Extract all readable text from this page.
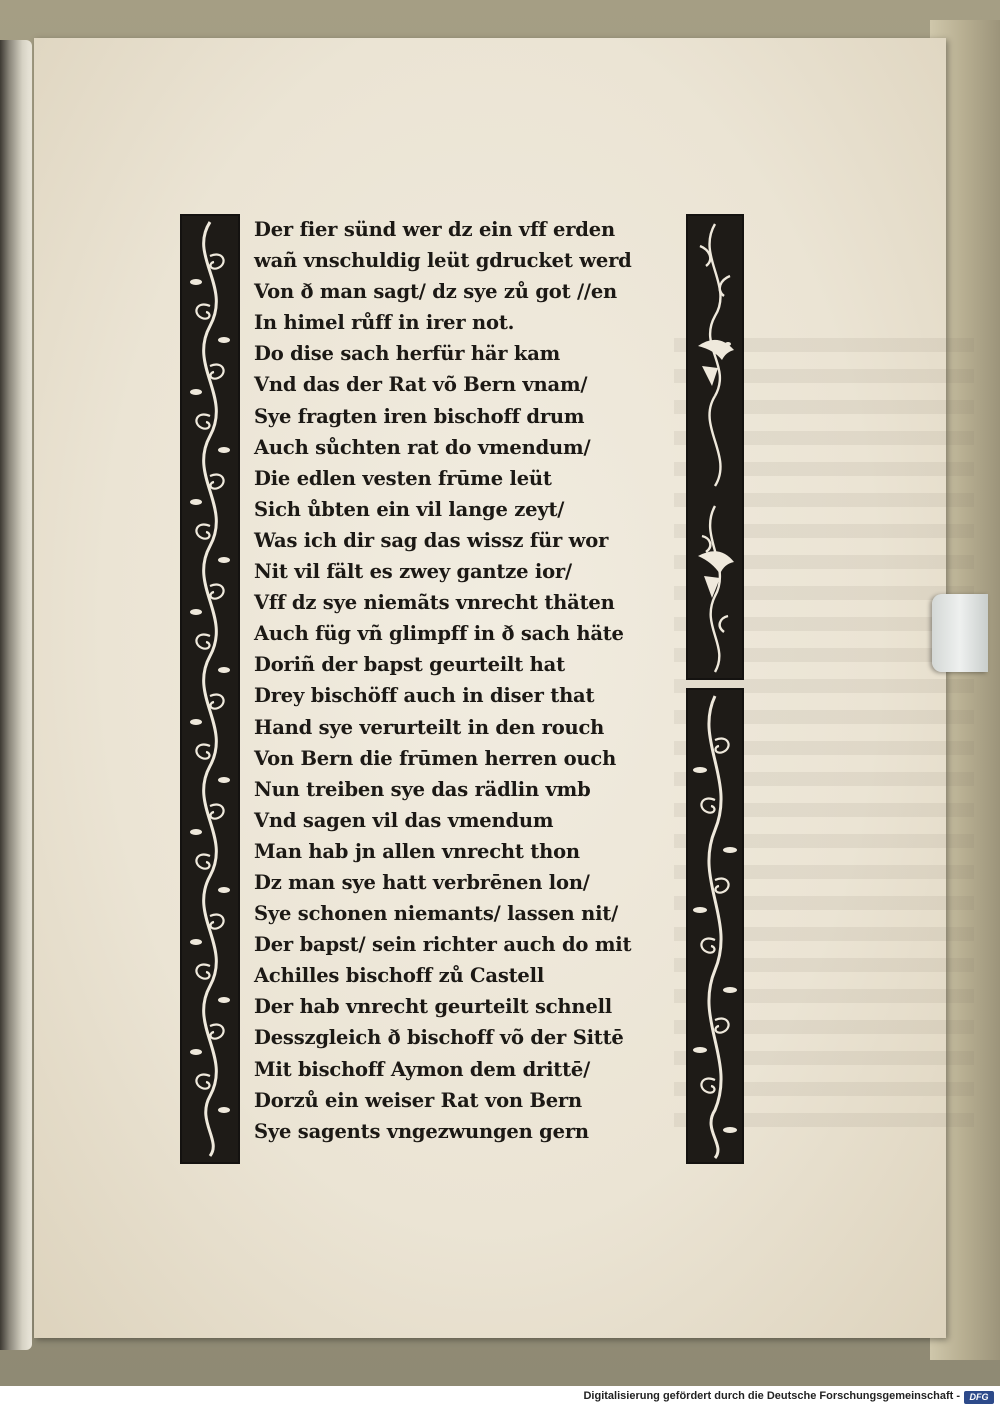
Der fier sünd wer dz ein vff erden
wañ vnschuldig leüt gdrucket werd
Von ð man sagt/ dz sye zů got //en
In himel růff in irer not.
Do dise sach herfür här kam
Vnd das der Rat võ Bern vnam/
Sye fragten iren bischoff drum
Auch sůchten rat do vmendum/
Die edlen vesten frūme leüt
Sich ůbten ein vil lange zeyt/
Was ich dir sag das wissz für wor
Nit vil fält es zwey gantze ior/
Vff dz sye niemãts vnrecht thäten
Auch füg vñ glimpff in ð sach häte
Doriñ der bapst geurteilt hat
Drey bischöff auch in diser that
Hand sye verurteilt in den rouch
Von Bern die frūmen herren ouch
Nun treiben sye das rädlin vmb
Vnd sagen vil das vmendum
Man hab jn allen vnrecht thon
Dz man sye hatt verbrēnen lon/
Sye schonen niemants/ lassen nit/
Der bapst/ sein richter auch do mit
Achilles bischoff zů Castell
Der hab vnrecht geurteilt schnell
Desszgleich ð bischoff võ der Sittē
Mit bischoff Aymon dem drittē/
Dorzů ein weiser Rat von Bern
Sye sagents vngezwungen gern
Digitalisierung gefördert durch die Deutsche Forschungsgemeinschaft -	DFG
